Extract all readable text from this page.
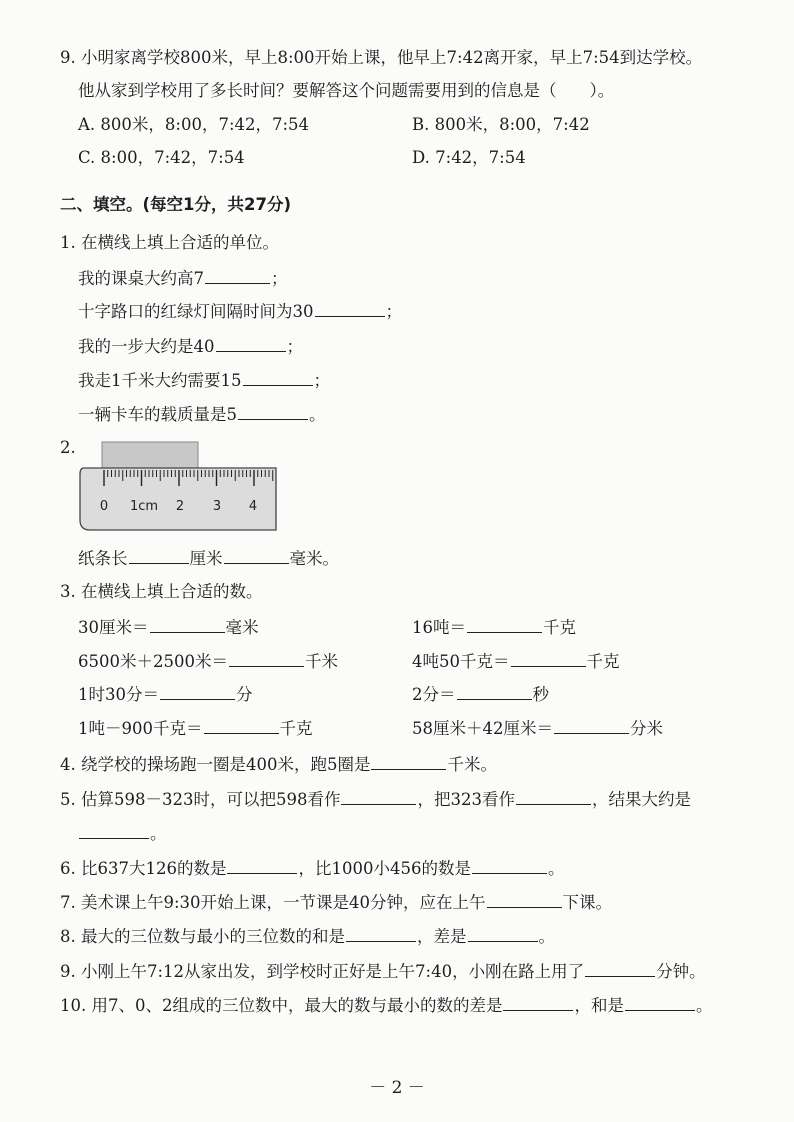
9. 小明家离学校800米，早上8:00开始上课，他早上7:42离开家，早上7:54到达学校。
他从家到学校用了多长时间？要解答这个问题需要用到的信息是（　　）。
A. 800米，8:00，7:42，7:54	B. 800米，8:00，7:42
C. 8:00，7:42，7:54	D. 7:42，7:54
二、填空。(每空1分，共27分)
1. 在横线上填上合适的单位。
我的课桌大约高7	；
十字路口的红绿灯间隔时间为30	；
我的一步大约是40	；
我走1千米大约需要15	；
一辆卡车的载质量是5	。
2.
0 1cm 2 3 4
纸条长	厘米	毫米。
3. 在横线上填上合适的数。
30厘米＝	毫米	16吨＝	千克
6500米＋2500米＝	千米	4吨50千克＝	千克
1时30分＝	分	2分＝	秒
1吨－900千克＝	千克	58厘米＋42厘米＝	分米
4. 绕学校的操场跑一圈是400米，跑5圈是	千米。
5. 估算598－323时，可以把598看作	，把323看作	，结果大约是
。
6. 比637大126的数是	，比1000小456的数是	。
7. 美术课上午9:30开始上课，一节课是40分钟，应在上午	下课。
8. 最大的三位数与最小的三位数的和是	，差是	。
9. 小刚上午7:12从家出发，到学校时正好是上午7:40，小刚在路上用了	分钟。
10. 用7、0、2组成的三位数中，最大的数与最小的数的差是	，和是	。
－ 2 －
